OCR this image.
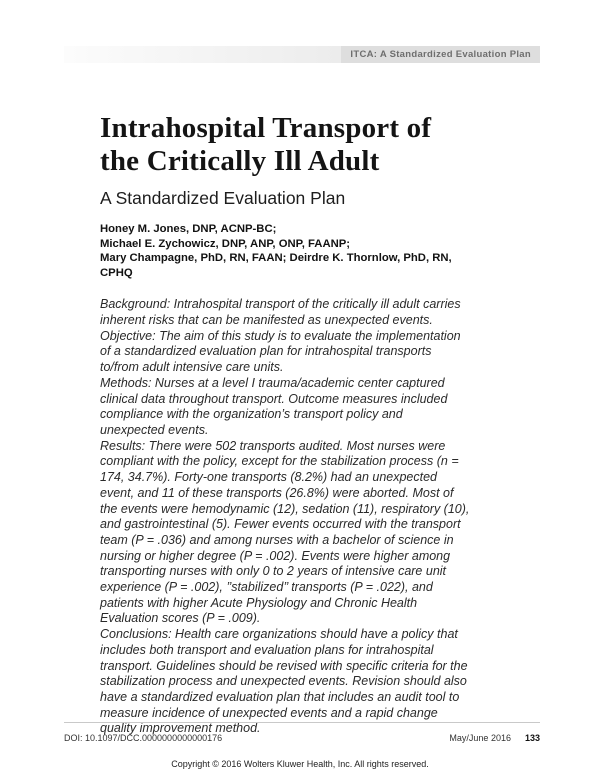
ITCA: A Standardized Evaluation Plan
Intrahospital Transport of
the Critically Ill Adult
A Standardized Evaluation Plan
Honey M. Jones, DNP, ACNP-BC;
Michael E. Zychowicz, DNP, ANP, ONP, FAANP;
Mary Champagne, PhD, RN, FAAN; Deirdre K. Thornlow, PhD, RN, CPHQ
Background: Intrahospital transport of the critically ill adult carries inherent risks that can be manifested as unexpected events.
Objective: The aim of this study is to evaluate the implementation of a standardized evaluation plan for intrahospital transports to/from adult intensive care units.
Methods: Nurses at a level I trauma/academic center captured clinical data throughout transport. Outcome measures included compliance with the organization’s transport policy and unexpected events.
Results: There were 502 transports audited. Most nurses were compliant with the policy, except for the stabilization process (n = 174, 34.7%). Forty-one transports (8.2%) had an unexpected event, and 11 of these transports (26.8%) were aborted. Most of the events were hemodynamic (12), sedation (11), respiratory (10), and gastrointestinal (5). Fewer events occurred with the transport team (P = .036) and among nurses with a bachelor of science in nursing or higher degree (P = .002). Events were higher among transporting nurses with only 0 to 2 years of intensive care unit experience (P = .002), ’’stabilized’’ transports (P = .022), and patients with higher Acute Physiology and Chronic Health Evaluation scores (P = .009).
Conclusions: Health care organizations should have a policy that includes both transport and evaluation plans for intrahospital transport. Guidelines should be revised with specific criteria for the stabilization process and unexpected events. Revision should also have a standardized evaluation plan that includes an audit tool to measure incidence of unexpected events and a rapid change quality improvement method.
DOI: 10.1097/DCC.0000000000000176	May/June 2016 133
Copyright © 2016 Wolters Kluwer Health, Inc. All rights reserved.
